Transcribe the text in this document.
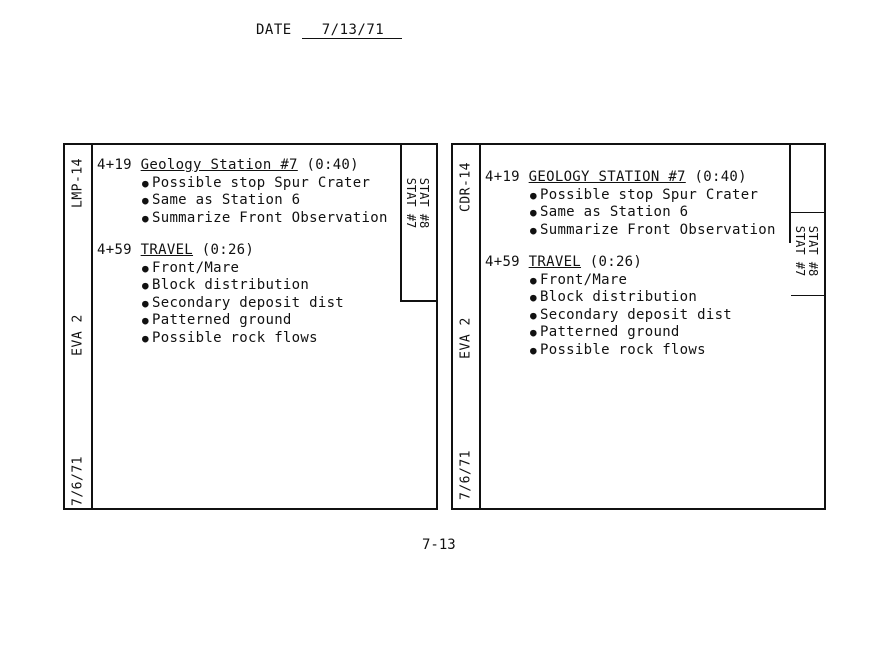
DATE 7/13/71
LMP-14
EVA 2
7/6/71
4+19 Geology Station #7 (0:40)
● Possible stop Spur Crater
● Same as Station 6
● Summarize Front Observation
4+59 TRAVEL (0:26)
● Front/Mare
● Block distribution
● Secondary deposit dist
● Patterned ground
● Possible rock flows
STAT #8
STAT #7	CDR-14
EVA 2
7/6/71
4+19 GEOLOGY STATION #7 (0:40)
● Possible stop Spur Crater
● Same as Station 6
● Summarize Front Observation
4+59 TRAVEL (0:26)
● Front/Mare
● Block distribution
● Secondary deposit dist
● Patterned ground
● Possible rock flows
STAT #8
STAT #7
7-13
